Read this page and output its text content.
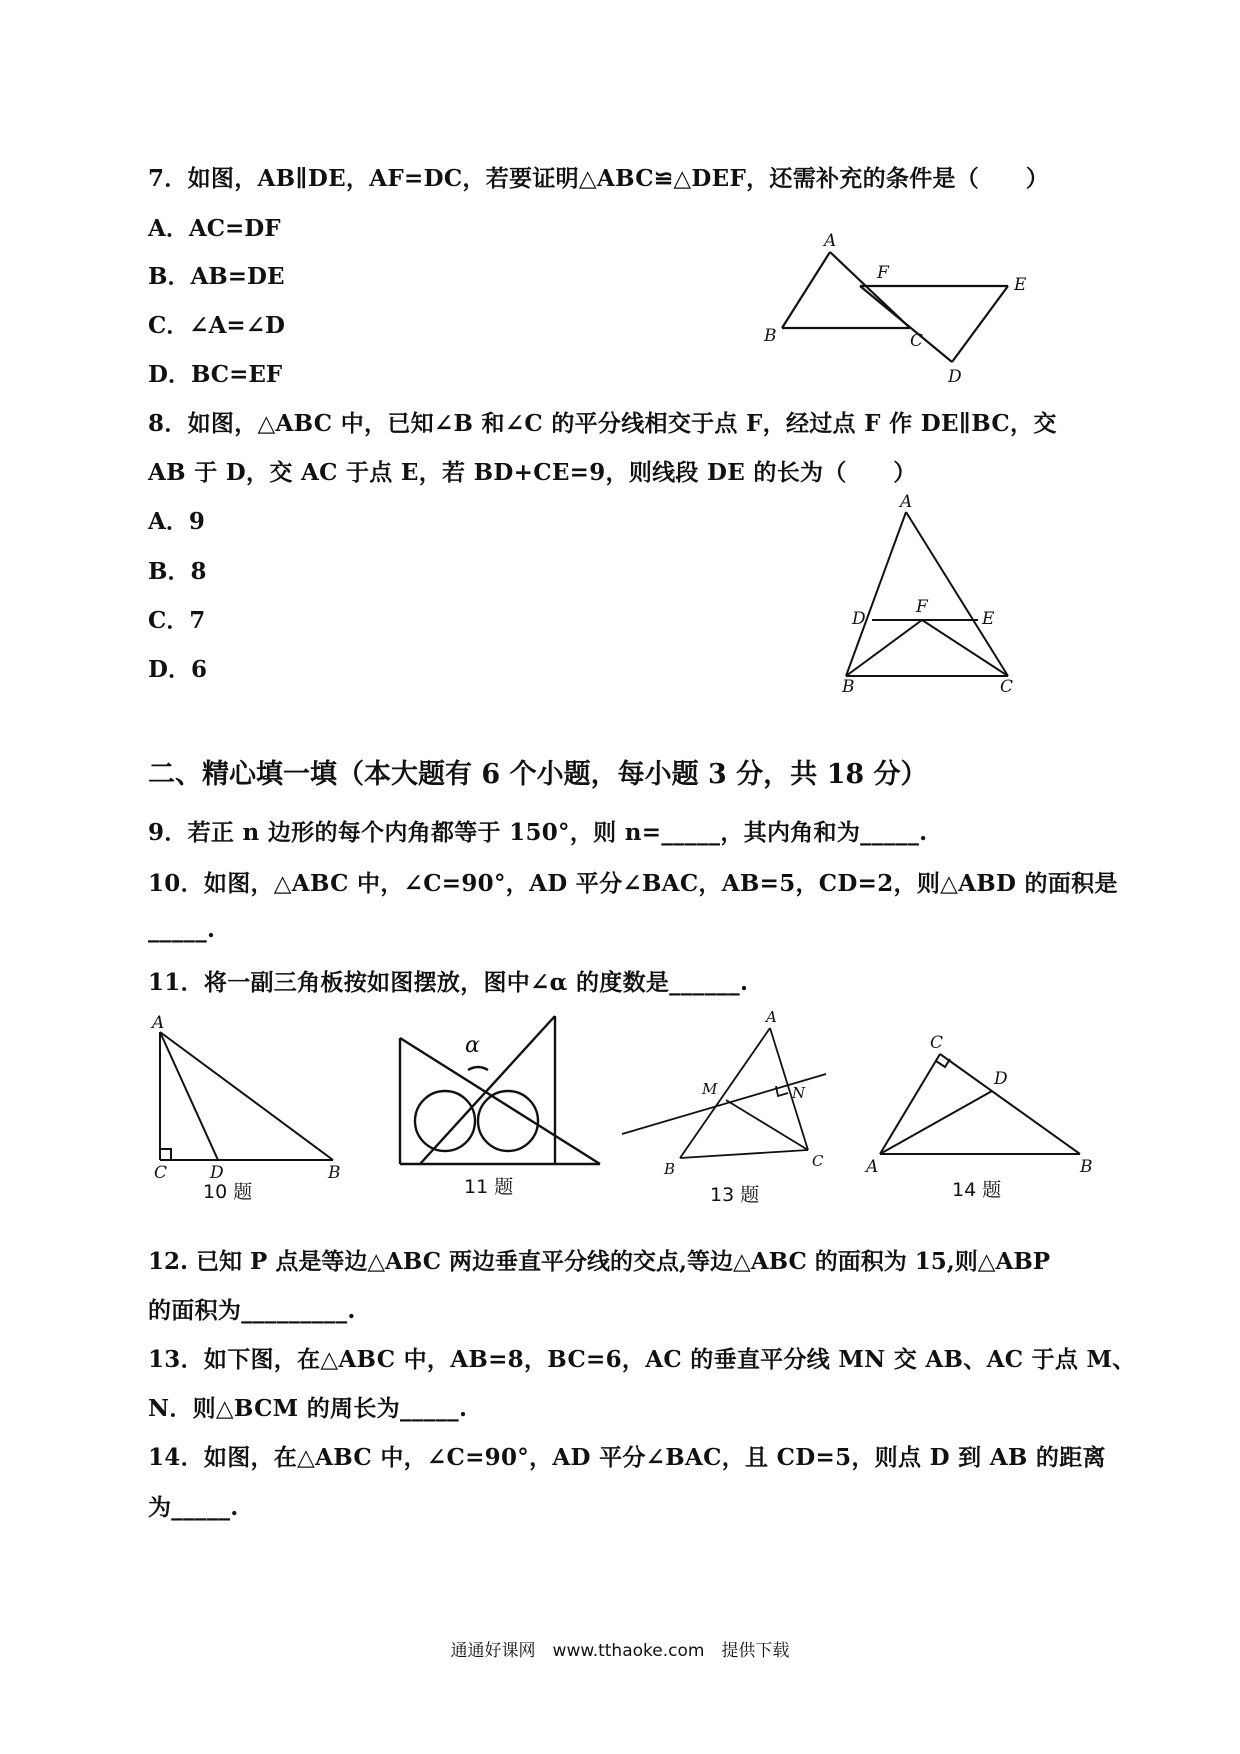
7．如图，AB∥DE，AF=DC，若要证明△ABC≌△DEF，还需补充的条件是（　　）
A．AC=DF
B．AB=DE
C．∠A=∠D
D．BC=EF
A
B	C
D
E
F
8．如图，△ABC 中，已知∠B 和∠C 的平分线相交于点 F，经过点 F 作 DE∥BC，交
AB 于 D，交 AC 于点 E，若 BD+CE=9，则线段 DE 的长为（　　）
A．9
B．8
C．7
D．6
A
D
F
E
B	C
二、精心填一填（本大题有 6 个小题，每小题 3 分，共 18 分）
9．若正 n 边形的每个内角都等于 150°，则 n=_____，其内角和为_____.
10．如图，△ABC 中，∠C=90°，AD 平分∠BAC，AB=5，CD=2，则△ABD 的面积是
_____.
11．将一副三角板按如图摆放，图中∠α 的度数是______.
A
C	D	B
10 题
α
11 题
A
M	N
B	C
13 题
C
D
A	B
14 题
12. 已知 P 点是等边△ABC 两边垂直平分线的交点,等边△ABC 的面积为 15,则△ABP
的面积为_________.
13．如下图，在△ABC 中，AB=8，BC=6，AC 的垂直平分线 MN 交 AB、AC 于点 M、
N．则△BCM 的周长为_____.
14．如图，在△ABC 中，∠C=90°，AD 平分∠BAC，且 CD=5，则点 D 到 AB 的距离
为_____.
通通好课网　www.tthaoke.com　提供下载
